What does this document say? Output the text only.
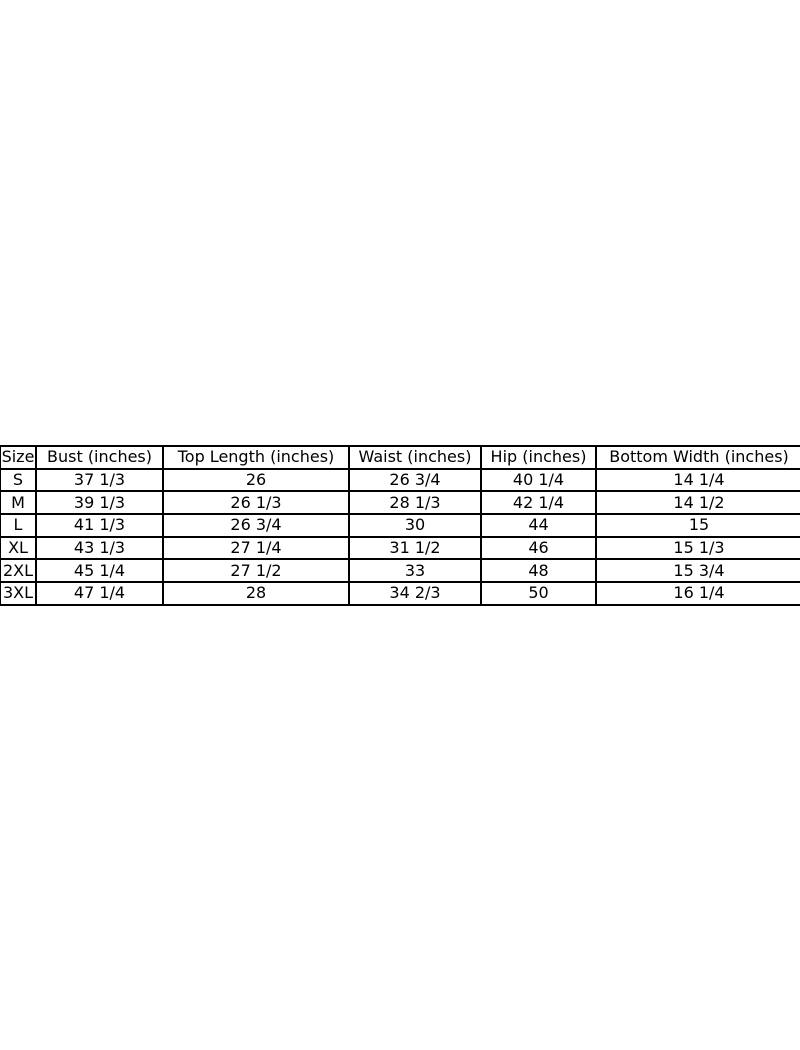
Size	Bust (inches)	Top Length (inches)	Waist (inches)	Hip (inches)	Bottom Width (inches)
S	37 1/3	26	26 3/4	40 1/4	14 1/4
M	39 1/3	26 1/3	28 1/3	42 1/4	14 1/2
L	41 1/3	26 3/4	30	44	15
XL	43 1/3	27 1/4	31 1/2	46	15 1/3
2XL	45 1/4	27 1/2	33	48	15 3/4
3XL	47 1/4	28	34 2/3	50	16 1/4
